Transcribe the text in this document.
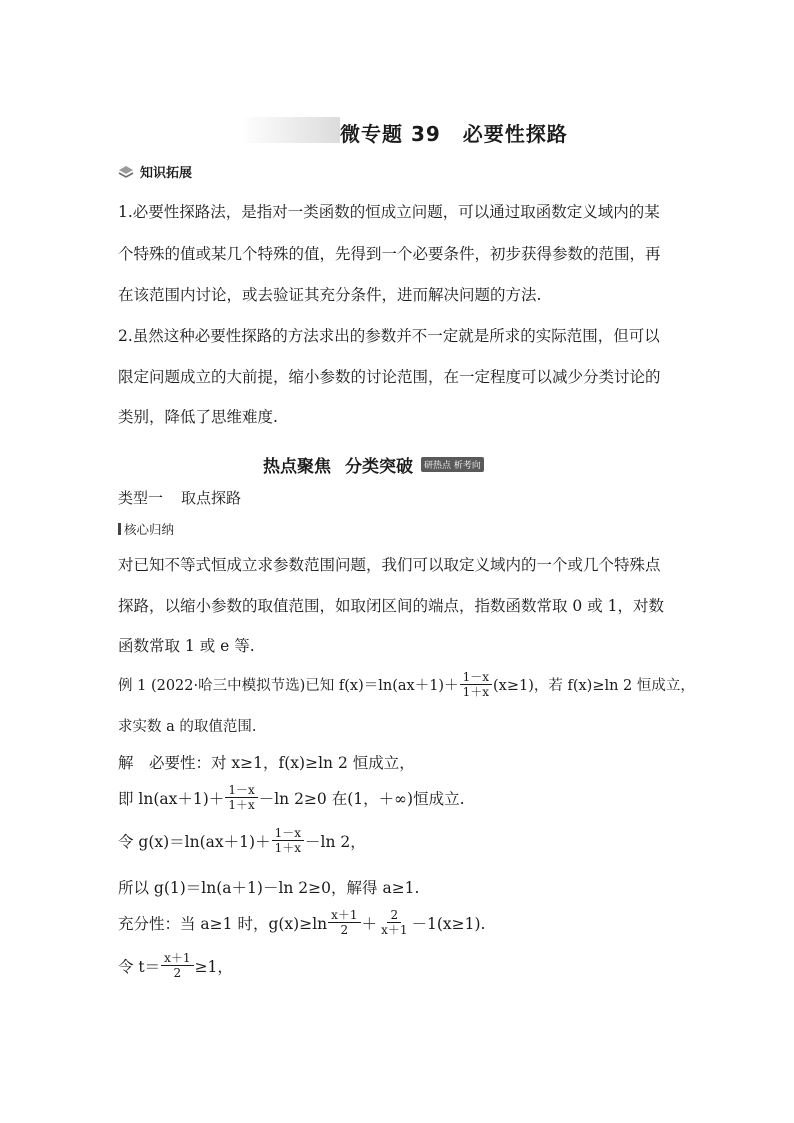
微专题 39 必要性探路
知识拓展
1.必要性探路法，是指对一类函数的恒成立问题，可以通过取函数定义域内的某
个特殊的值或某几个特殊的值，先得到一个必要条件，初步获得参数的范围，再
在该范围内讨论，或去验证其充分条件，进而解决问题的方法.
2.虽然这种必要性探路的方法求出的参数并不一定就是所求的实际范围，但可以
限定问题成立的大前提，缩小参数的讨论范围，在一定程度可以减少分类讨论的
类别，降低了思维难度.
热点聚焦 分类突破	研热点 析考向
类型一 取点探路
核心归纳
对已知不等式恒成立求参数范围问题，我们可以取定义域内的一个或几个特殊点
探路，以缩小参数的取值范围，如取闭区间的端点，指数函数常取 0 或 1，对数
函数常取 1 或 e 等.
例 1 (2022·哈三中模拟节选)已知 $f(x)=\ln(ax+1)+ \frac{1-x}{1+x} (x\ge 1)$，若 f(x)≥ln 2 恒成立，
求实数 a 的取值范围.
解　必要性：对 x≥1，f(x)≥ln 2 恒成立，
即 $\ln(ax+1)+ \frac{1-x}{1+x} -\ln$ 2≥0 在(1，＋∞)恒成立.
令 $g(x)=\ln(ax+1)+ \frac{1-x}{1+x} -\ln$ 2，
所以 g(1)＝ln(a＋1)－ln 2≥0，解得 a≥1.
充分性：当 a≥1 时，$g(x)\ge\ln \frac{x+1}{2} + \frac{2}{x+1} -1(x\ge 1)$.
令 $t= \frac{x+1}{2} \ge 1$，
